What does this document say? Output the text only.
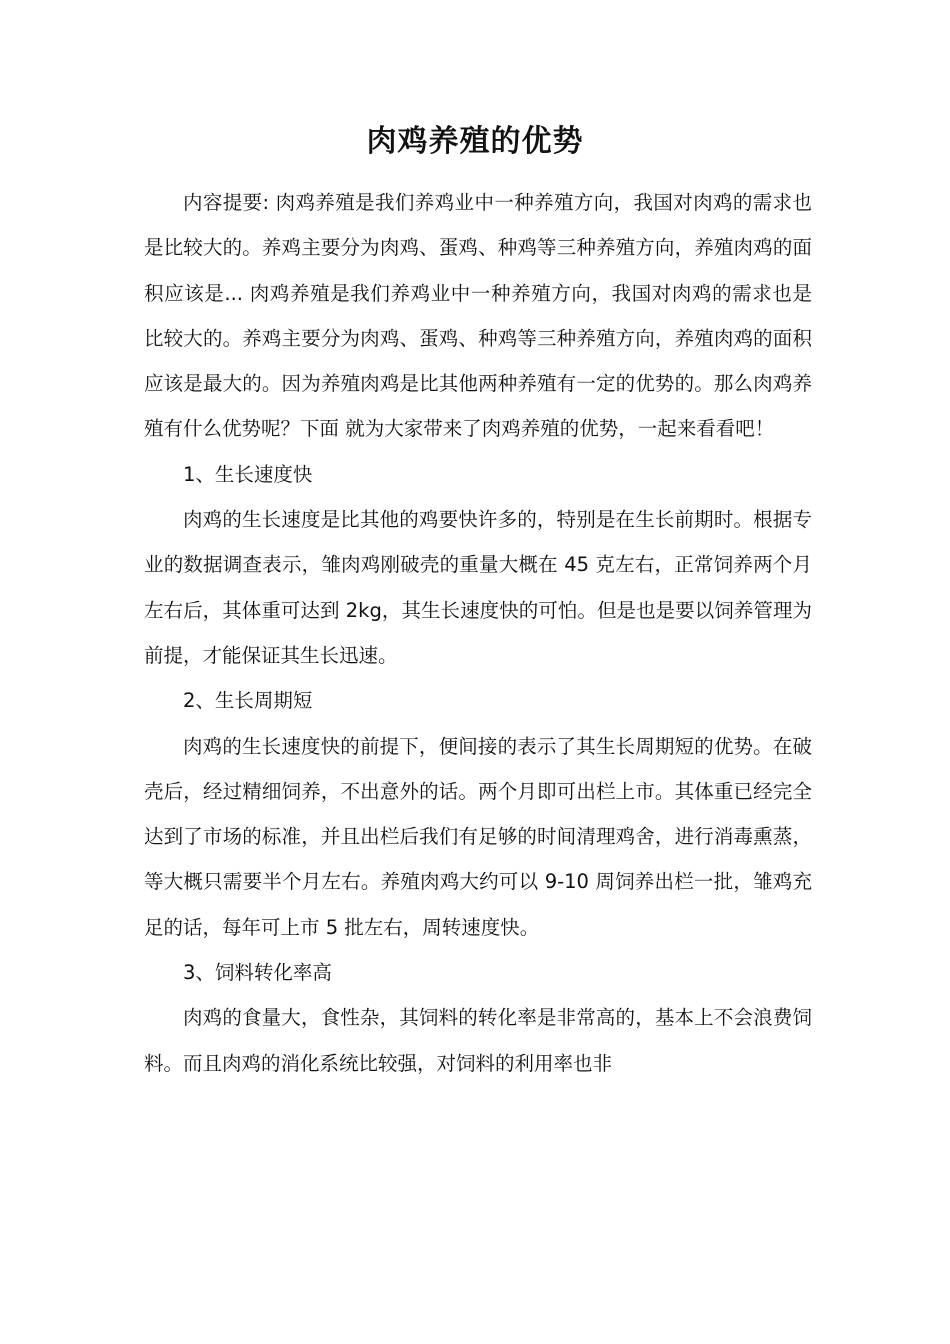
肉鸡养殖的优势

内容提要: 肉鸡养殖是我们养鸡业中一种养殖方向，我国对肉鸡的需求也是比较大的。养鸡主要分为肉鸡、蛋鸡、种鸡等三种养殖方向，养殖肉鸡的面积应该是... 肉鸡养殖是我们养鸡业中一种养殖方向，我国对肉鸡的需求也是比较大的。养鸡主要分为肉鸡、蛋鸡、种鸡等三种养殖方向，养殖肉鸡的面积应该是最大的。因为养殖肉鸡是比其他两种养殖有一定的优势的。那么肉鸡养殖有什么优势呢？下面 就为大家带来了肉鸡养殖的优势，一起来看看吧！

1、生长速度快

肉鸡的生长速度是比其他的鸡要快许多的，特别是在生长前期时。根据专业的数据调查表示，雏肉鸡刚破壳的重量大概在 45 克左右，正常饲养两个月左右后，其体重可达到 2kg，其生长速度快的可怕。但是也是要以饲养管理为前提，才能保证其生长迅速。

2、生长周期短

肉鸡的生长速度快的前提下，便间接的表示了其生长周期短的优势。在破壳后，经过精细饲养，不出意外的话。两个月即可出栏上市。其体重已经完全达到了市场的标准，并且出栏后我们有足够的时间清理鸡舍，进行消毒熏蒸，等大概只需要半个月左右。养殖肉鸡大约可以 9-10 周饲养出栏一批，雏鸡充足的话，每年可上市 5 批左右，周转速度快。

3、饲料转化率高

肉鸡的食量大，食性杂，其饲料的转化率是非常高的，基本上不会浪费饲料。而且肉鸡的消化系统比较强，对饲料的利用率也非
